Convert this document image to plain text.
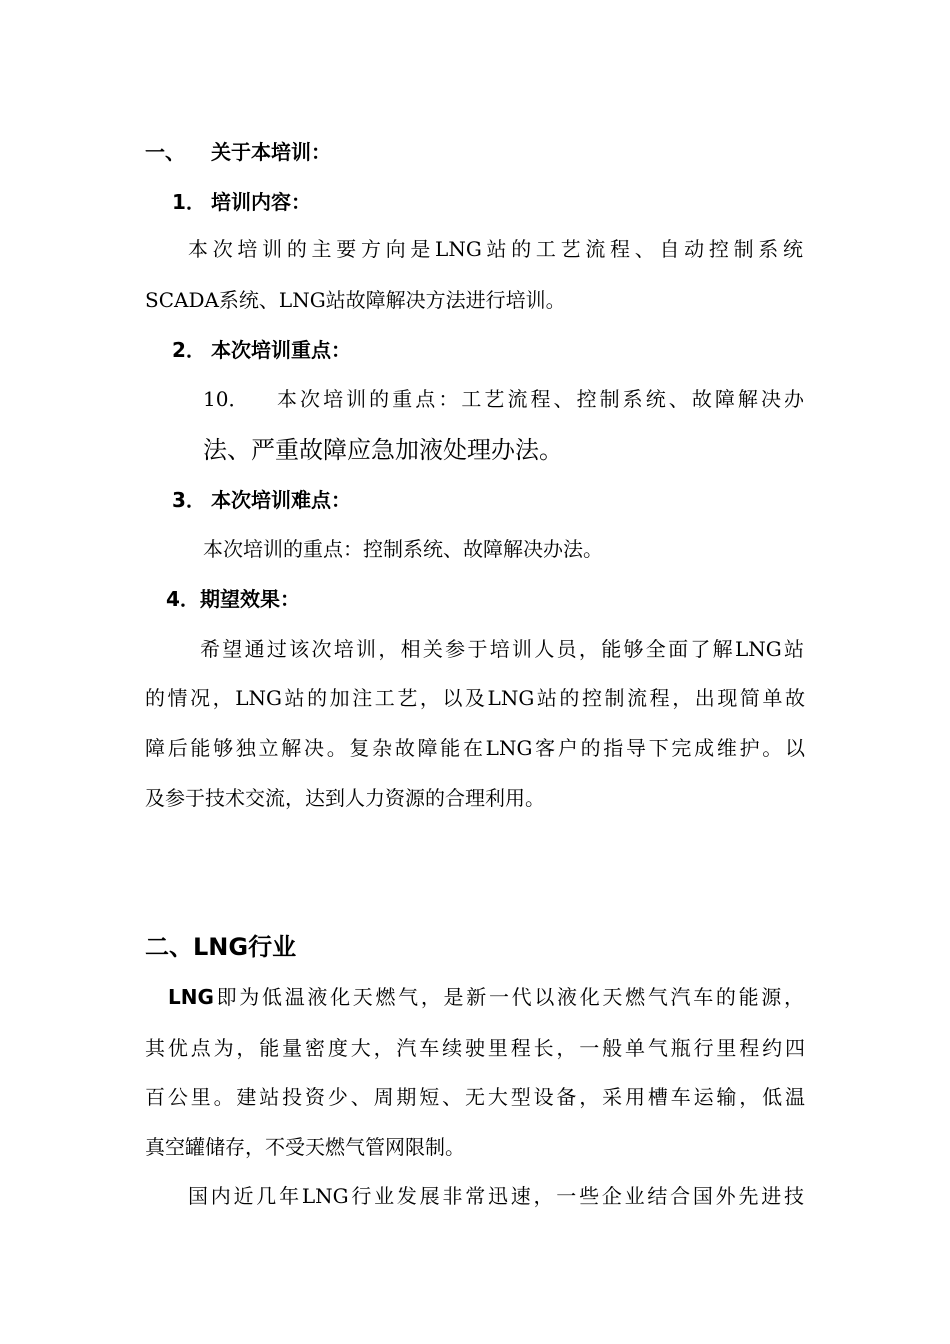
一、 关于本培训：
1． 培训内容：
本次培训的主要方向是LNG站的工艺流程、自动控制系统
SCADA系统、LNG站故障解决方法进行培训。
2． 本次培训重点：
10． 本次培训的重点：工艺流程、控制系统、故障解决办
法、严重故障应急加液处理办法。
3． 本次培训难点：
本次培训的重点：控制系统、故障解决办法。
4． 期望效果：
希望通过该次培训，相关参于培训人员，能够全面了解LNG站
的情况，LNG站的加注工艺，以及LNG站的控制流程，出现简单故
障后能够独立解决。复杂故障能在LNG客户的指导下完成维护。以
及参于技术交流，达到人力资源的合理利用。
二、LNG行业
LNG即为低温液化天燃气，是新一代以液化天燃气汽车的能源，
其优点为，能量密度大，汽车续驶里程长，一般单气瓶行里程约四
百公里。建站投资少、周期短、无大型设备，采用槽车运输，低温
真空罐储存，不受天燃气管网限制。
国内近几年LNG行业发展非常迅速，一些企业结合国外先进技
